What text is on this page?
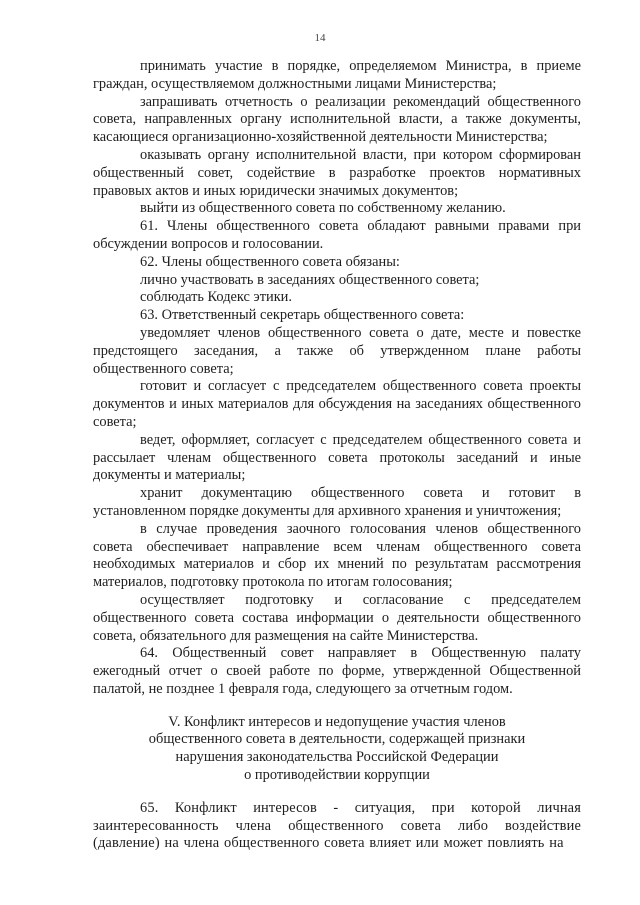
14

принимать участие в порядке, определяемом Министра, в приеме граждан, осуществляемом должностными лицами Министерства;

запрашивать отчетность о реализации рекомендаций общественного совета, направленных органу исполнительной власти, а также документы, касающиеся организационно-хозяйственной деятельности Министерства;

оказывать органу исполнительной власти, при котором сформирован общественный совет, содействие в разработке проектов нормативных правовых актов и иных юридически значимых документов;

выйти из общественного совета по собственному желанию.

61. Члены общественного совета обладают равными правами при обсуждении вопросов и голосовании.

62. Члены общественного совета обязаны:

лично участвовать в заседаниях общественного совета;

соблюдать Кодекс этики.

63. Ответственный секретарь общественного совета:

уведомляет членов общественного совета о дате, месте и повестке предстоящего заседания, а также об утвержденном плане работы общественного совета;

готовит и согласует с председателем общественного совета проекты документов и иных материалов для обсуждения на заседаниях общественного совета;

ведет, оформляет, согласует с председателем общественного совета и рассылает членам общественного совета протоколы заседаний и иные документы и материалы;

хранит документацию общественного совета и готовит в установленном порядке документы для архивного хранения и уничтожения;

в случае проведения заочного голосования членов общественного совета обеспечивает направление всем членам общественного совета необходимых материалов и сбор их мнений по результатам рассмотрения материалов, подготовку протокола по итогам голосования;

осуществляет подготовку и согласование с председателем общественного совета состава информации о деятельности общественного совета, обязательного для размещения на сайте Министерства.

64. Общественный совет направляет в Общественную палату ежегодный отчет о своей работе по форме, утвержденной Общественной палатой, не позднее 1 февраля года, следующего за отчетным годом.

V. Конфликт интересов и недопущение участия членов
общественного совета в деятельности, содержащей признаки
нарушения законодательства Российской Федерации
о противодействии коррупции

65. Конфликт интересов - ситуация, при которой личная заинтересованность члена общественного совета либо воздействие (давление) на члена общественного совета влияет или может повлиять на
